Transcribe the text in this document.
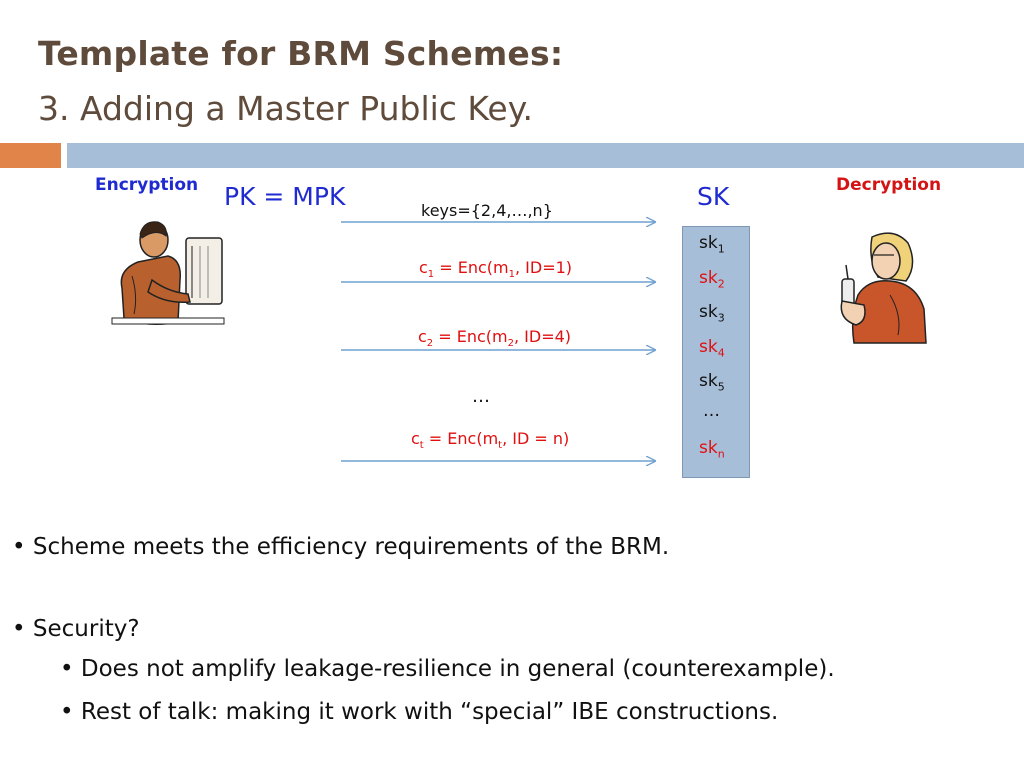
Template for BRM Schemes:
3. Adding a Master Public Key.
Encryption	Decryption
PK = MPK	SK
keys={2,4,…,n}
$c_1 = Enc(m_1$, ID=1)
$c_2 = Enc(m_2$, ID=4)
…
$c_t = Enc(m_t$, ID = n)
$sk_1$
$sk_2$
$sk_3$
$sk_4$
$sk_5$
…
$sk_n$
• Scheme meets the efficiency requirements of the BRM.
• Security?
• Does not amplify leakage-resilience in general (counterexample).
• Rest of talk: making it work with “special” IBE constructions.
